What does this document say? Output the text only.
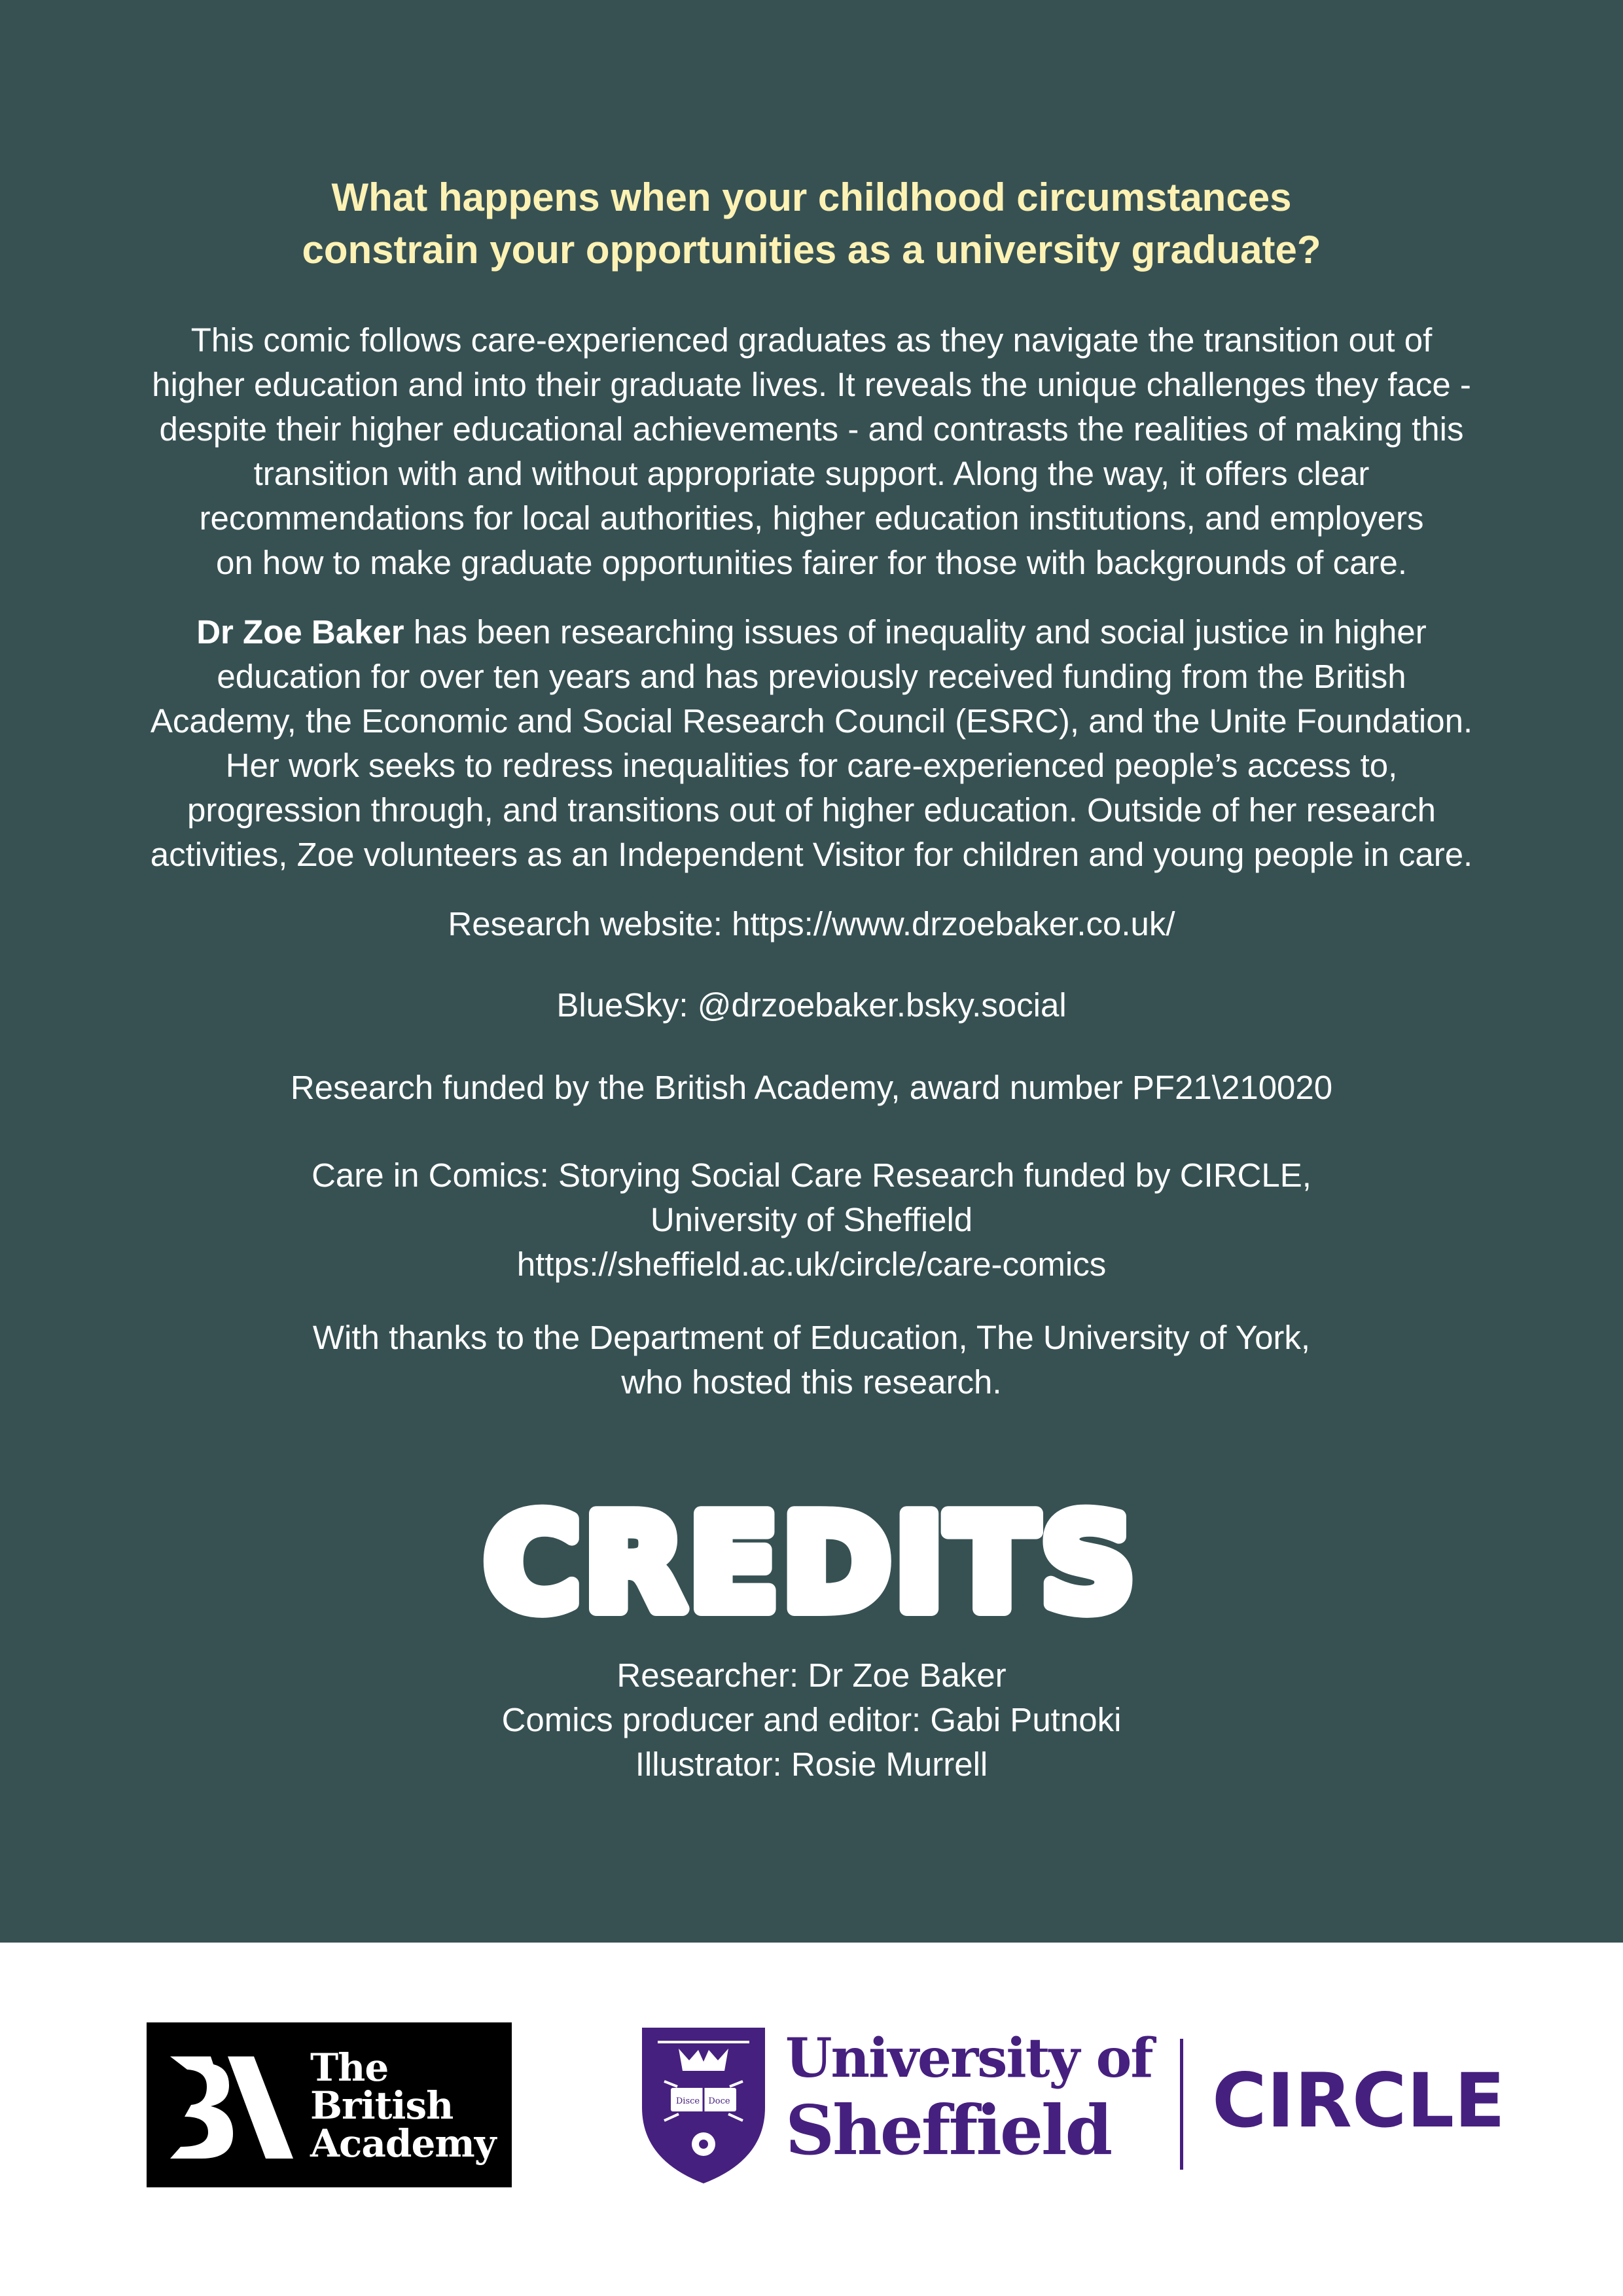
What happens when your childhood circumstances
constrain your opportunities as a university graduate?
This comic follows care-experienced graduates as they navigate the transition out of
higher education and into their graduate lives. It reveals the unique challenges they face -
despite their higher educational achievements - and contrasts the realities of making this
transition with and without appropriate support. Along the way, it offers clear
recommendations for local authorities, higher education institutions, and employers
on how to make graduate opportunities fairer for those with backgrounds of care.
Dr Zoe Baker has been researching issues of inequality and social justice in higher
education for over ten years and has previously received funding from the British
Academy, the Economic and Social Research Council (ESRC), and the Unite Foundation.
Her work seeks to redress inequalities for care-experienced people’s access to,
progression through, and transitions out of higher education. Outside of her research
activities, Zoe volunteers as an Independent Visitor for children and young people in care.
Research website: https://www.drzoebaker.co.uk/
BlueSky: @drzoebaker.bsky.social
Research funded by the British Academy, award number PF21\210020
Care in Comics: Storying Social Care Research funded by CIRCLE,
University of Sheffield
https://sheffield.ac.uk/circle/care-comics
With thanks to the Department of Education, The University of York,
who hosted this research.
CREDITS
Researcher: Dr Zoe Baker
Comics producer and editor: Gabi Putnoki
Illustrator: Rosie Murrell
The
British
Academy
Disce Doce
University of
Sheffield	CIRCLE
